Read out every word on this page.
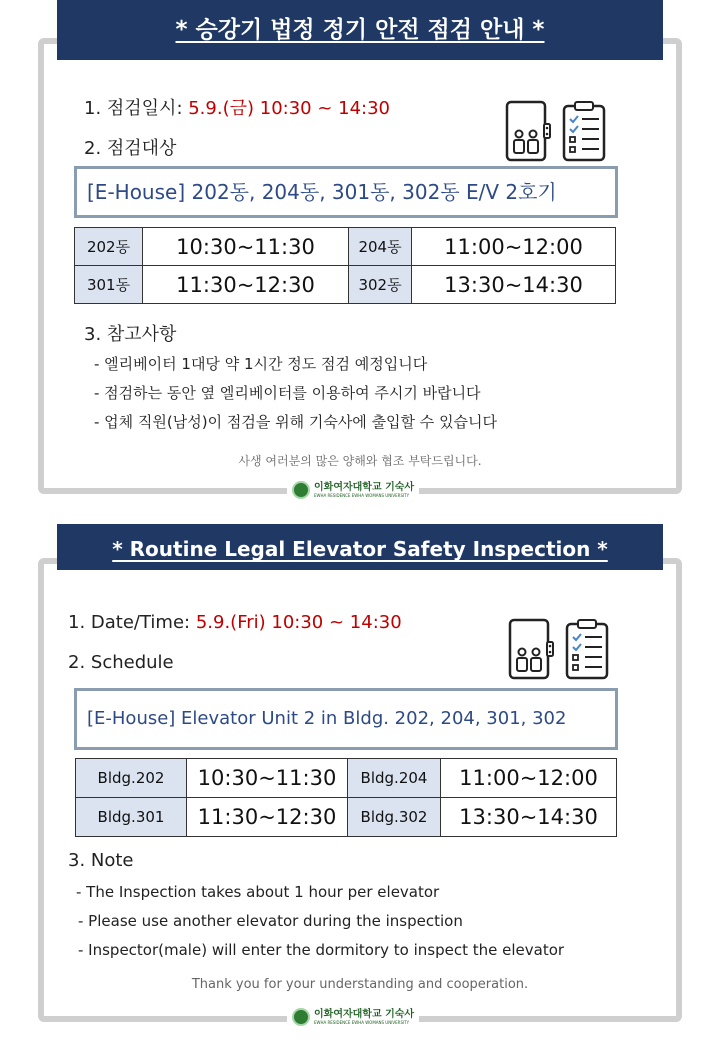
* 승강기 법정 정기 안전 점검 안내 *
1. 점검일시: 5.9.(금) 10:30 ~ 14:30
2. 점검대상
[E-House] 202동, 204동, 301동, 302동 E/V 2호기
202동	10:30~11:30	204동	11:00~12:00
301동	11:30~12:30	302동	13:30~14:30
3. 참고사항
- 엘리베이터 1대당 약 1시간 정도 점검 예정입니다
- 점검하는 동안 옆 엘리베이터를 이용하여 주시기 바랍니다
- 업체 직원(남성)이 점검을 위해 기숙사에 출입할 수 있습니다
사생 여러분의 많은 양해와 협조 부탁드립니다.
이화여자대학교 기숙사
EWHA RESIDENCE EWHA WOMANS UNIVERSITY
* Routine Legal Elevator Safety Inspection *
1. Date/Time: 5.9.(Fri) 10:30 ~ 14:30
2. Schedule
[E-House] Elevator Unit 2 in Bldg. 202, 204, 301, 302
Bldg.202	10:30~11:30	Bldg.204	11:00~12:00
Bldg.301	11:30~12:30	Bldg.302	13:30~14:30
3. Note
- The Inspection takes about 1 hour per elevator
- Please use another elevator during the inspection
- Inspector(male) will enter the dormitory to inspect the elevator
Thank you for your understanding and cooperation.
이화여자대학교 기숙사
EWHA RESIDENCE EWHA WOMANS UNIVERSITY
